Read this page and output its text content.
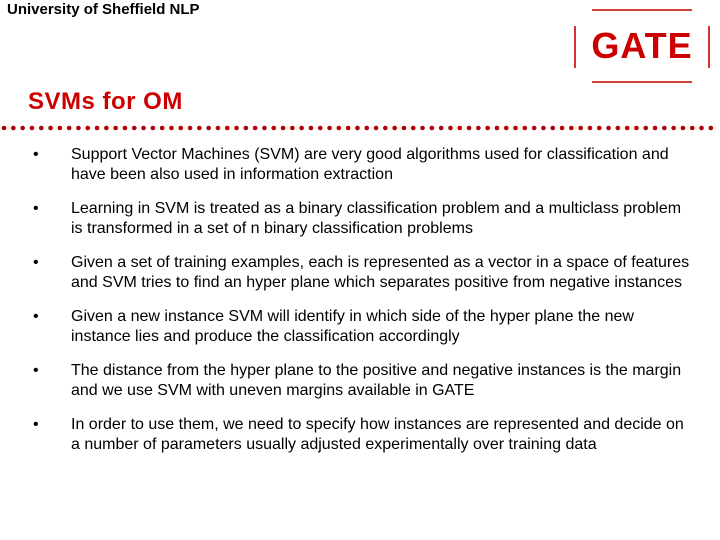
University of Sheffield NLP
GATE
SVMs for OM
• Support Vector Machines (SVM) are very good algorithms used for classification and have been also used in information extraction
• Learning in SVM is treated as a binary classification problem and a multiclass problem is transformed in a set of n binary classification problems
• Given a set of training examples, each is represented as a vector in a space of features and SVM tries to find an hyper plane which separates positive from negative instances
• Given a new instance SVM will identify in which side of the hyper plane the new instance lies and produce the classification accordingly
• The distance from the hyper plane to the positive and negative instances is the margin and we use SVM with uneven margins available in GATE
• In order to use them, we need to specify how instances are represented and decide on a number of parameters usually adjusted experimentally over training data
